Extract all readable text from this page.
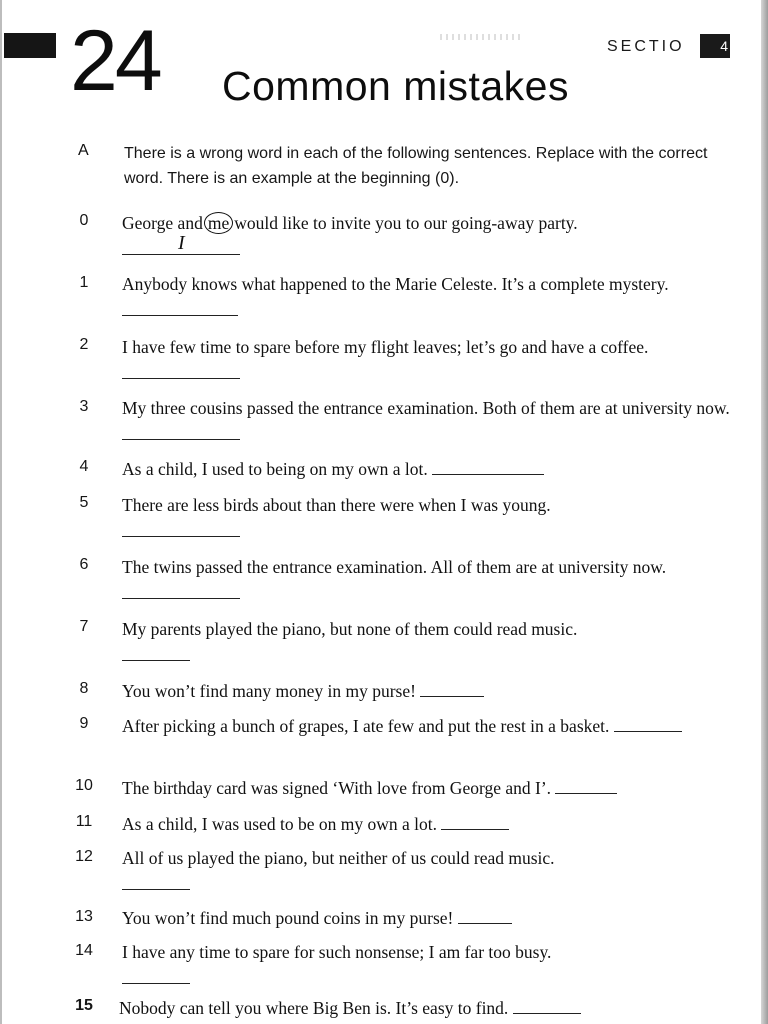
24 Common mistakes
SECTIO	4
A There is a wrong word in each of the following sentences. Replace with the correct word. There is an example at the beginning (0).
0	George and me would like to invite you to our going-away party.

I
1	Anybody knows what happened to the Marie Celeste. It’s a complete mystery.
2	I have few time to spare before my flight leaves; let’s go and have a coffee.
3	My three cousins passed the entrance examination. Both of them are at university now.
4	As a child, I used to being on my own a lot.
5	There are less birds about than there were when I was young.

6	The twins passed the entrance examination. All of them are at university now.
7	My parents played the piano, but none of them could read music.

8	You won’t find many money in my purse!
9	After picking a bunch of grapes, I ate few and put the rest in a basket.
10 The birthday card was signed ‘With love from George and I’.
11	As a child, I was used to be on my own a lot.
12 All of us played the piano, but neither of us could read music.

13 You won’t find much pound coins in my purse!
14 I have any time to spare for such nonsense; I am far too busy.

15 Nobody can tell you where Big Ben is. It’s easy to find.
